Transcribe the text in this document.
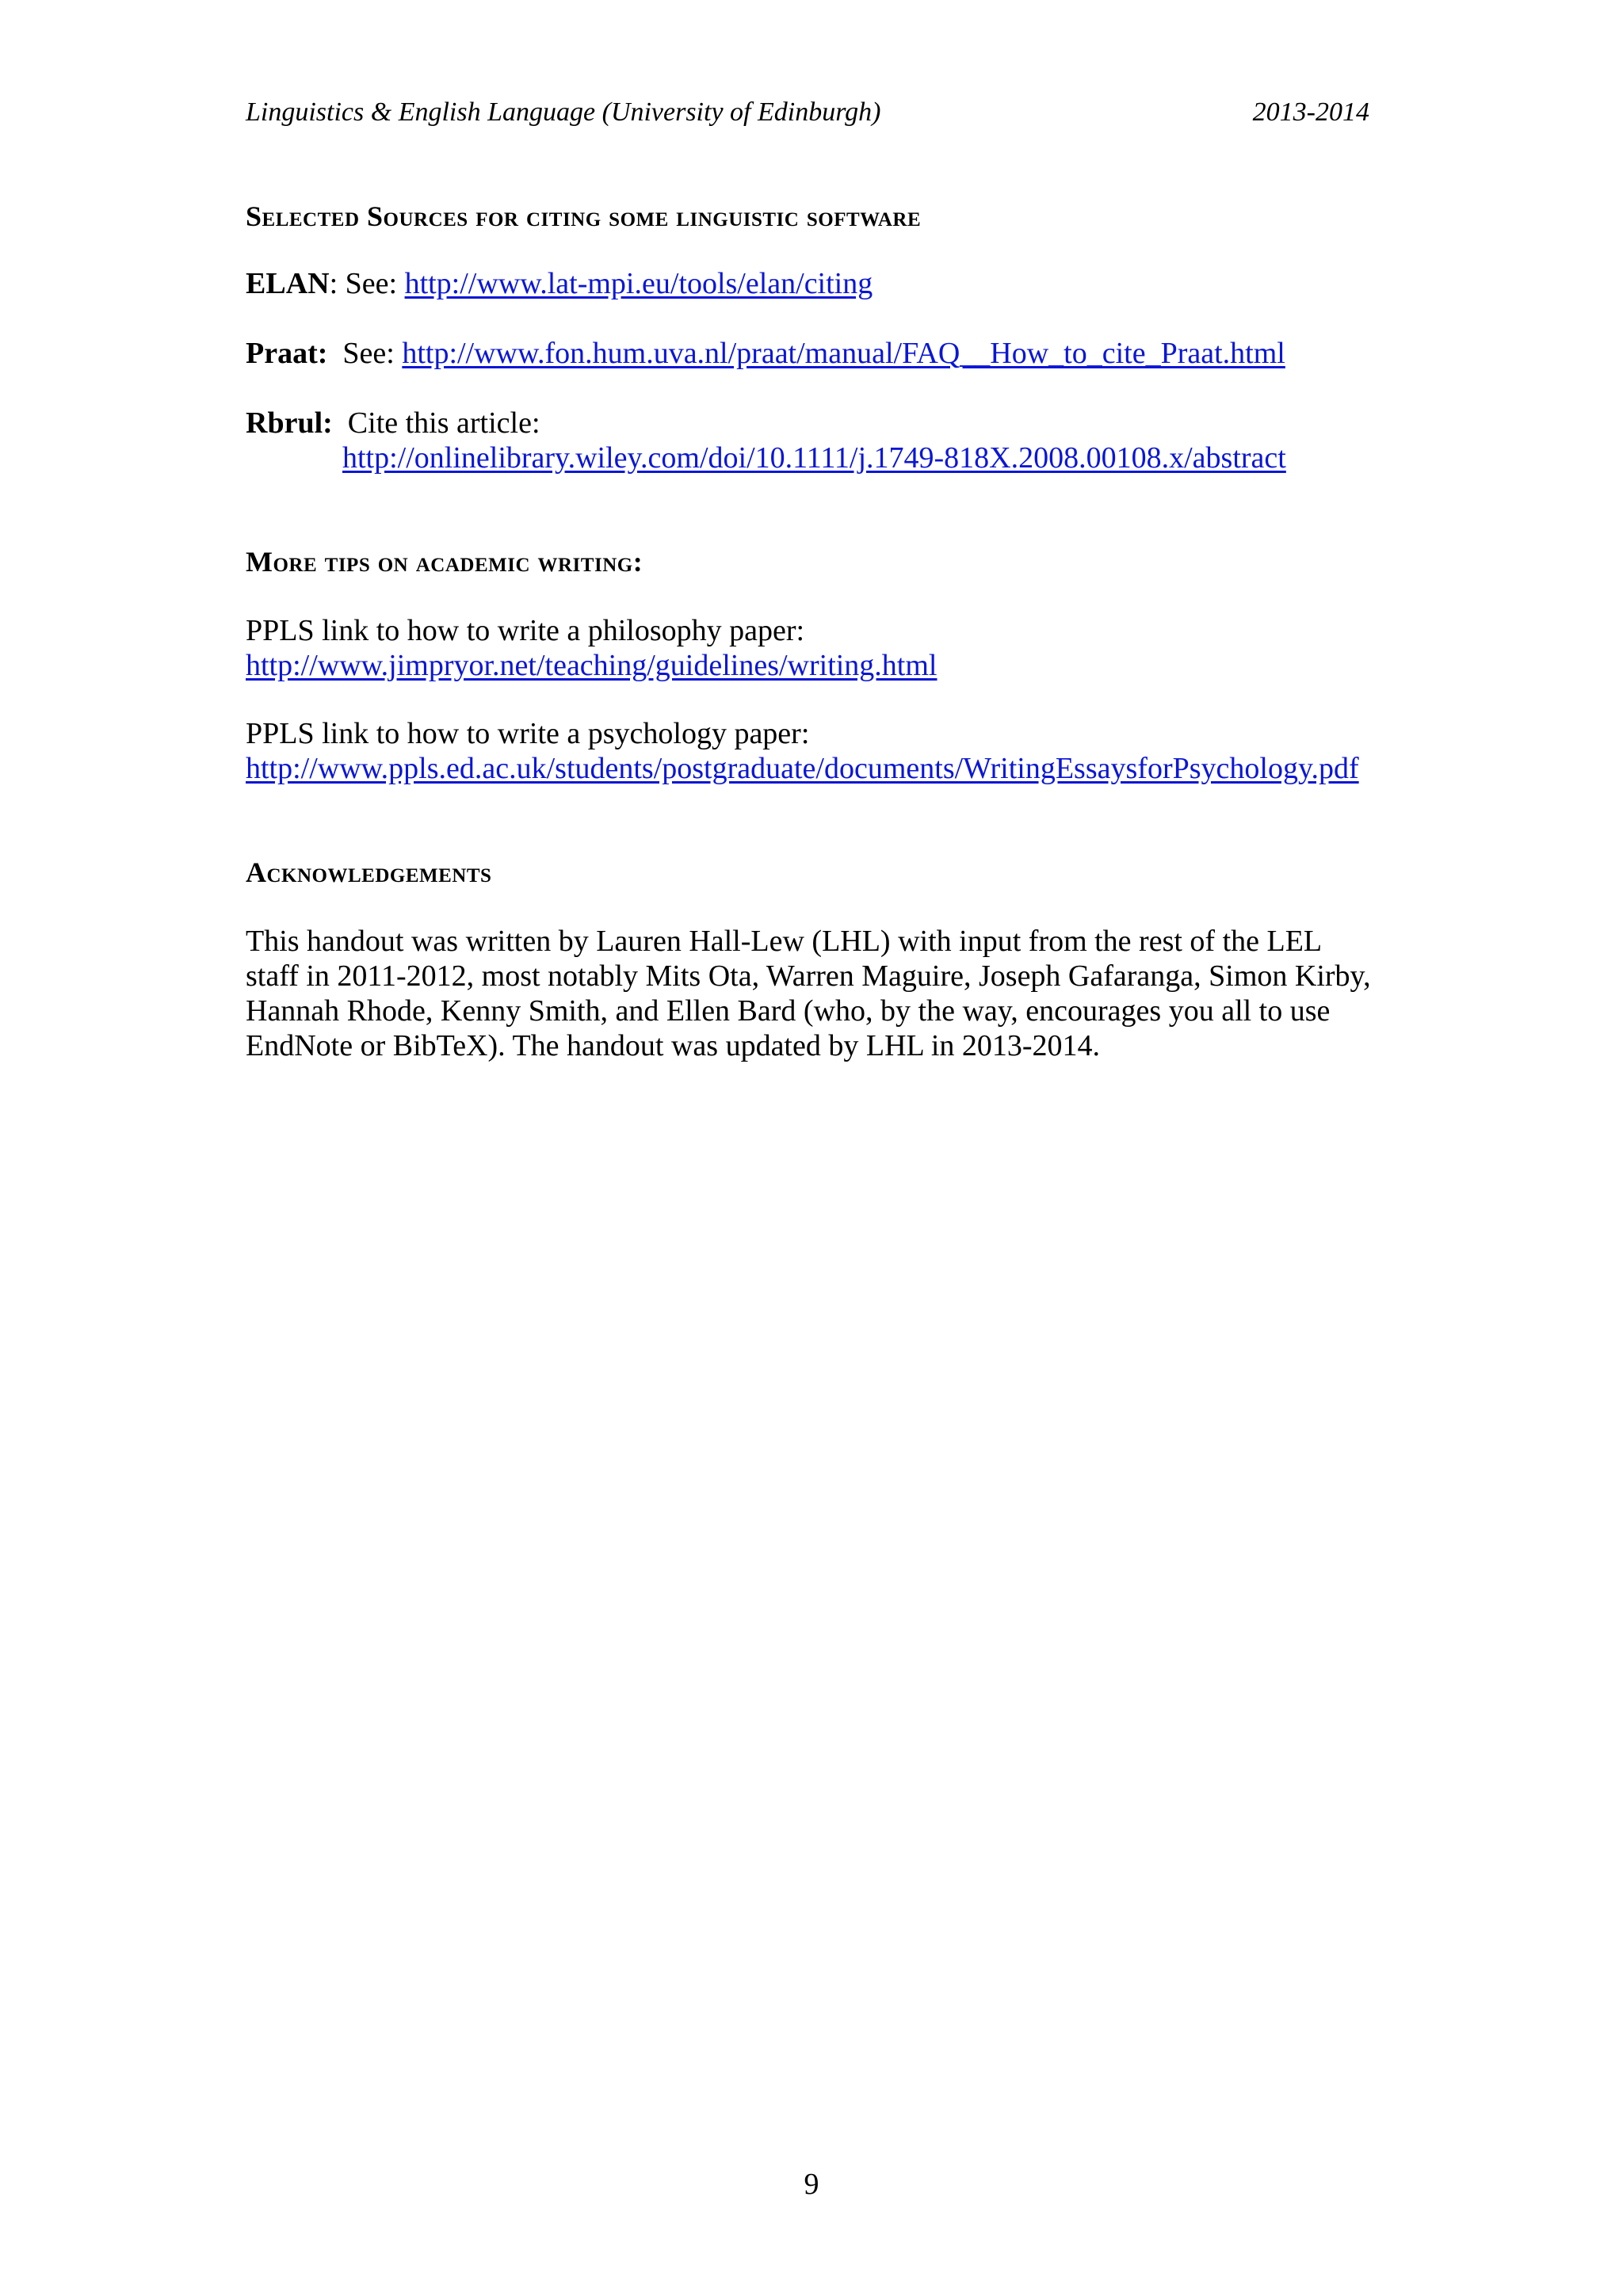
Linguistics & English Language (University of Edinburgh)	2013-2014
Selected Sources for citing some linguistic software
ELAN: See: http://www.lat-mpi.eu/tools/elan/citing
Praat: See: http://www.fon.hum.uva.nl/praat/manual/FAQ__How_to_cite_Praat.html
Rbrul: Cite this article:
http://onlinelibrary.wiley.com/doi/10.1111/j.1749-818X.2008.00108.x/abstract
More tips on academic writing:
PPLS link to how to write a philosophy paper:
http://www.jimpryor.net/teaching/guidelines/writing.html
PPLS link to how to write a psychology paper:
http://www.ppls.ed.ac.uk/students/postgraduate/documents/WritingEssaysforPsychology.pdf
Acknowledgements
This handout was written by Lauren Hall-Lew (LHL) with input from the rest of the LEL
staff in 2011-2012, most notably Mits Ota, Warren Maguire, Joseph Gafaranga, Simon Kirby,
Hannah Rhode, Kenny Smith, and Ellen Bard (who, by the way, encourages you all to use
EndNote or BibTeX). The handout was updated by LHL in 2013-2014.
9
